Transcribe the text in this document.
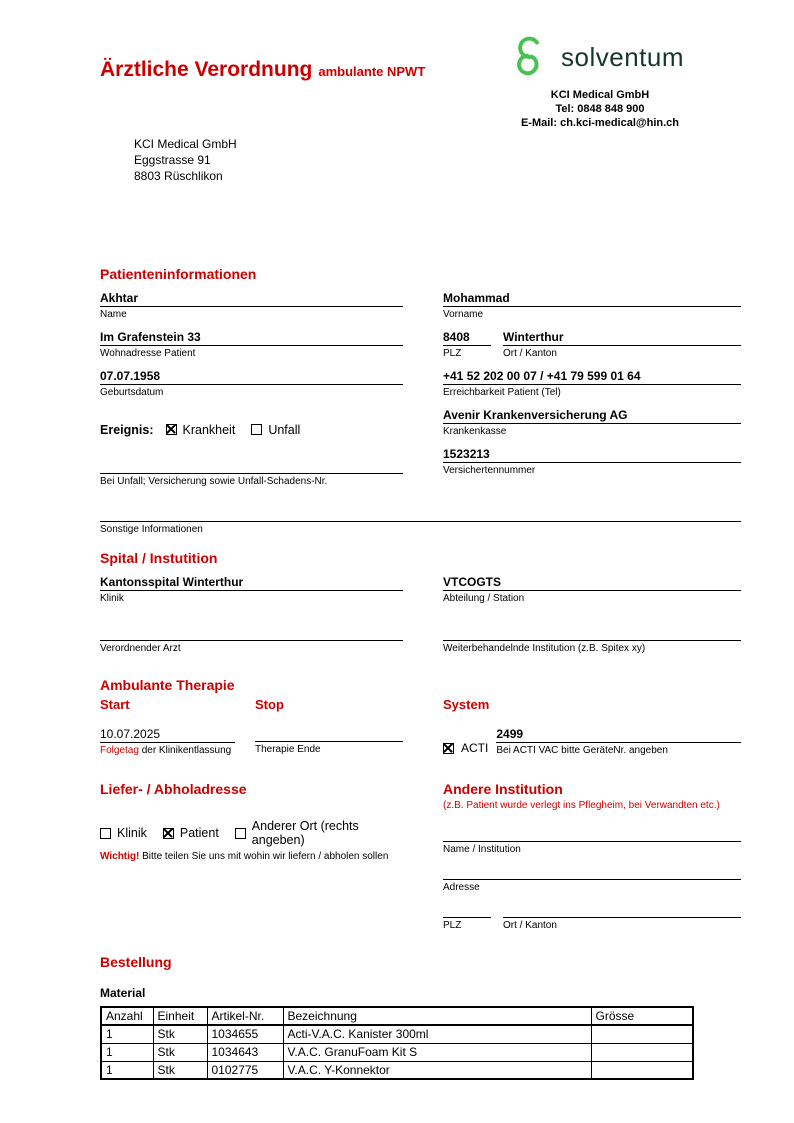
Ärztliche Verordnung ambulante NPWT	solventum
KCI Medical GmbH
Tel: 0848 848 900
E-Mail: ch.kci-medical@hin.ch
KCI Medical GmbH
Eggstrasse 91
8803 Rüschlikon
Patienteninformationen
Akhtar
Name
Mohammad
Vorname
Im Grafenstein 33
Wohnadresse Patient
8408
PLZ
Winterthur
Ort / Kanton
07.07.1958
Geburtsdatum
+41 52 202 00 07 / +41 79 599 01 64
Erreichbarkeit Patient (Tel)
Ereignis: Krankheit	Unfall
Avenir Krankenversicherung AG
Krankenkasse
Bei Unfall; Versicherung sowie Unfall-Schadens-Nr.
1523213
Versichertennummer
Sonstige Informationen
Spital / Instutition
Kantonsspital Winterthur
Klinik
VTCOGTS
Abteilung / Station
Verordnender Arzt	Weiterbehandelnde Institution (z.B. Spitex xy)
Ambulante Therapie
Start
10.07.2025
Folgetag der Klinikentlassung
Stop
Therapie Ende
System
ACTI
2499
Bei ACTI VAC bitte GeräteNr. angeben
Liefer- / Abholadresse
Klinik	Patient	Anderer Ort (rechts angeben)
Wichtig! Bitte teilen Sie uns mit wohin wir liefern / abholen sollen
Andere Institution
(z.B. Patient wurde verlegt ins Pflegheim, bei Verwandten etc.)
Name / Institution
Adresse
PLZ	Ort / Kanton
Bestellung
Material
Anzahl	Einheit	Artikel-Nr.	Bezeichnung	Grösse
1	Stk	1034655	Acti-V.A.C. Kanister 300ml	
1	Stk	1034643	V.A.C. GranuFoam Kit S	
1	Stk	0102775	V.A.C. Y-Konnektor	
